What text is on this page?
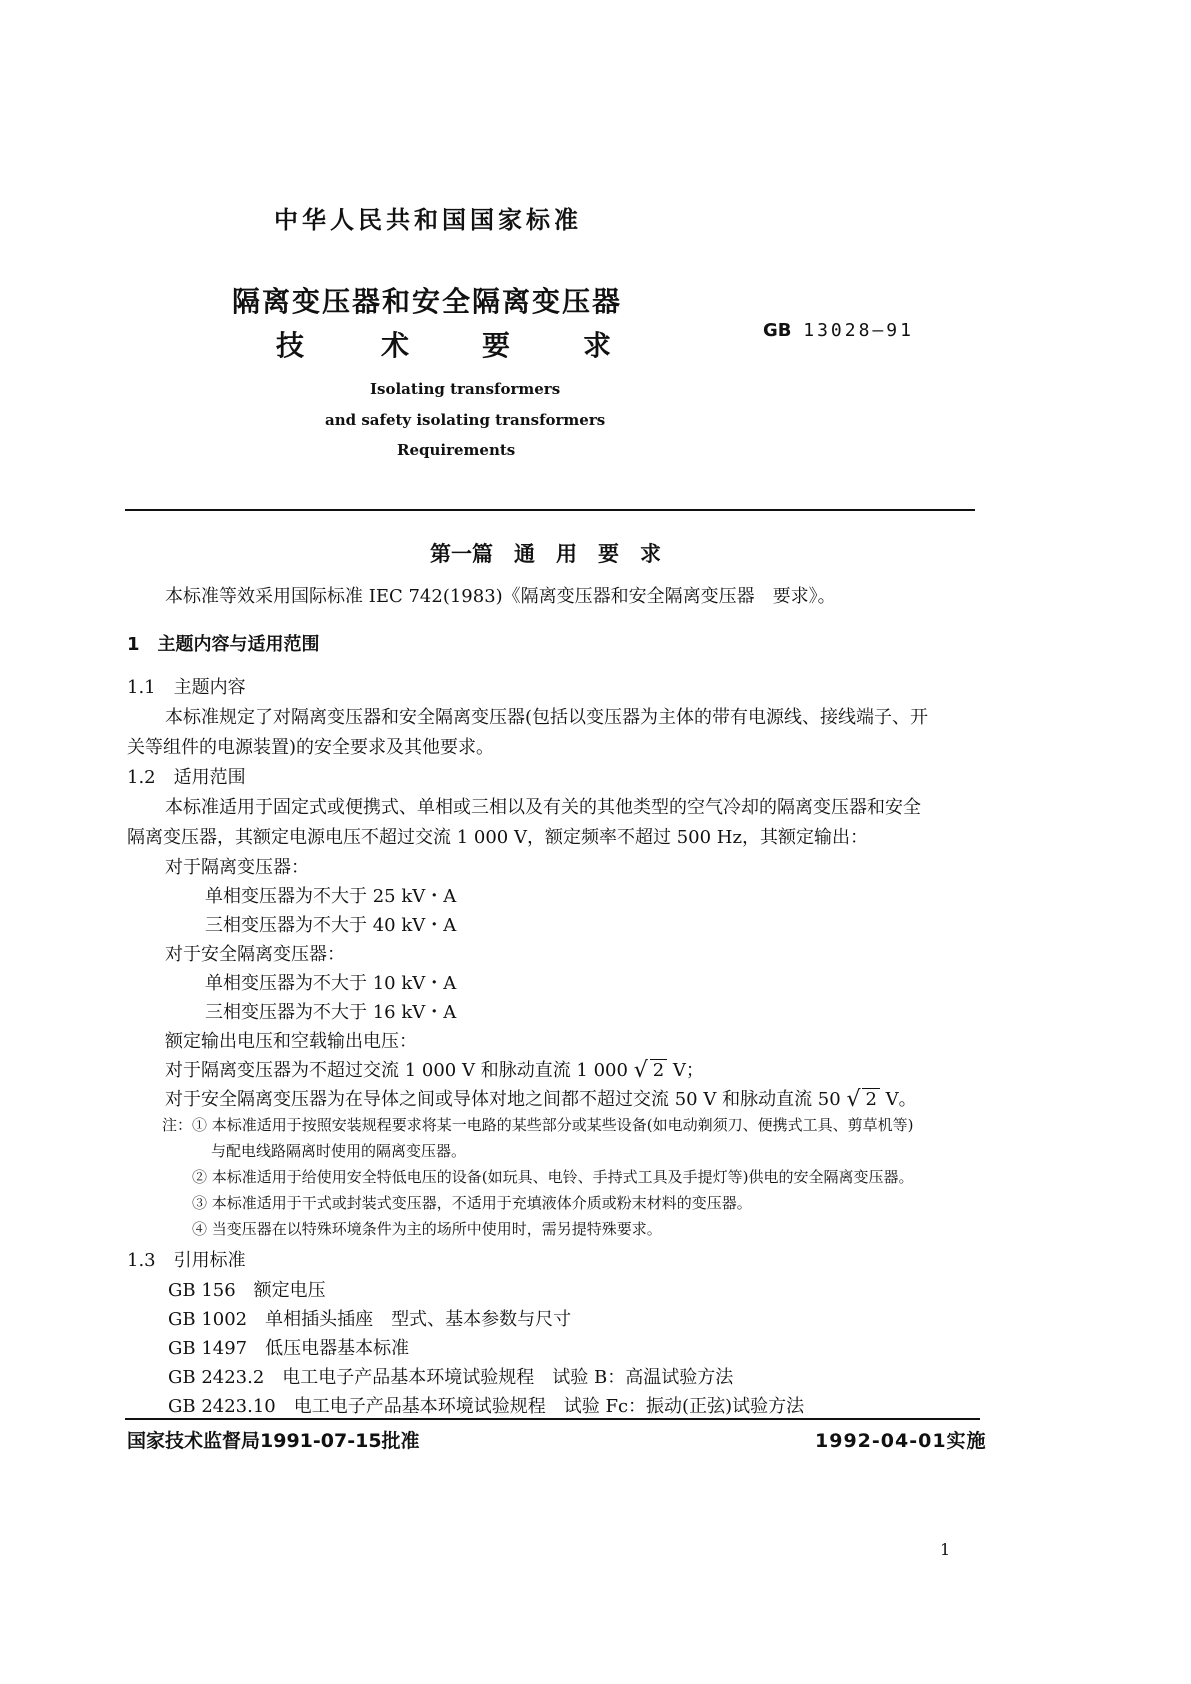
中华人民共和国国家标准
隔离变压器和安全隔离变压器
技	术	要	求	GB 13028—91
Isolating transformers
and safety isolating transformers
Requirements
第一篇　通　用　要　求
本标准等效采用国际标准 IEC 742(1983)《隔离变压器和安全隔离变压器　要求》。
1　主题内容与适用范围
1.1　主题内容
本标准规定了对隔离变压器和安全隔离变压器(包括以变压器为主体的带有电源线、接线端子、开
关等组件的电源装置)的安全要求及其他要求。
1.2　适用范围
本标准适用于固定式或便携式、单相或三相以及有关的其他类型的空气冷却的隔离变压器和安全
隔离变压器，其额定电源电压不超过交流 1 000 V，额定频率不超过 500 Hz，其额定输出：
对于隔离变压器：
单相变压器为不大于 25 kV・A
三相变压器为不大于 40 kV・A
对于安全隔离变压器：
单相变压器为不大于 10 kV・A
三相变压器为不大于 16 kV・A
额定输出电压和空载输出电压：
对于隔离变压器为不超过交流 1 000 V 和脉动直流 1 000 √ 2 V；
对于安全隔离变压器为在导体之间或导体对地之间都不超过交流 50 V 和脉动直流 50 √ 2 V。
注：① 本标准适用于按照安装规程要求将某一电路的某些部分或某些设备(如电动剃须刀、便携式工具、剪草机等)
与配电线路隔离时使用的隔离变压器。
② 本标准适用于给使用安全特低电压的设备(如玩具、电铃、手持式工具及手提灯等)供电的安全隔离变压器。
③ 本标准适用于干式或封装式变压器，不适用于充填液体介质或粉末材料的变压器。
④ 当变压器在以特殊环境条件为主的场所中使用时，需另提特殊要求。
1.3　引用标准
GB 156　额定电压
GB 1002　单相插头插座　型式、基本参数与尺寸
GB 1497　低压电器基本标准
GB 2423.2　电工电子产品基本环境试验规程　试验 B：高温试验方法
GB 2423.10　电工电子产品基本环境试验规程　试验 Fc：振动(正弦)试验方法
国家技术监督局1991-07-15批准	1992-04-01实施
1
